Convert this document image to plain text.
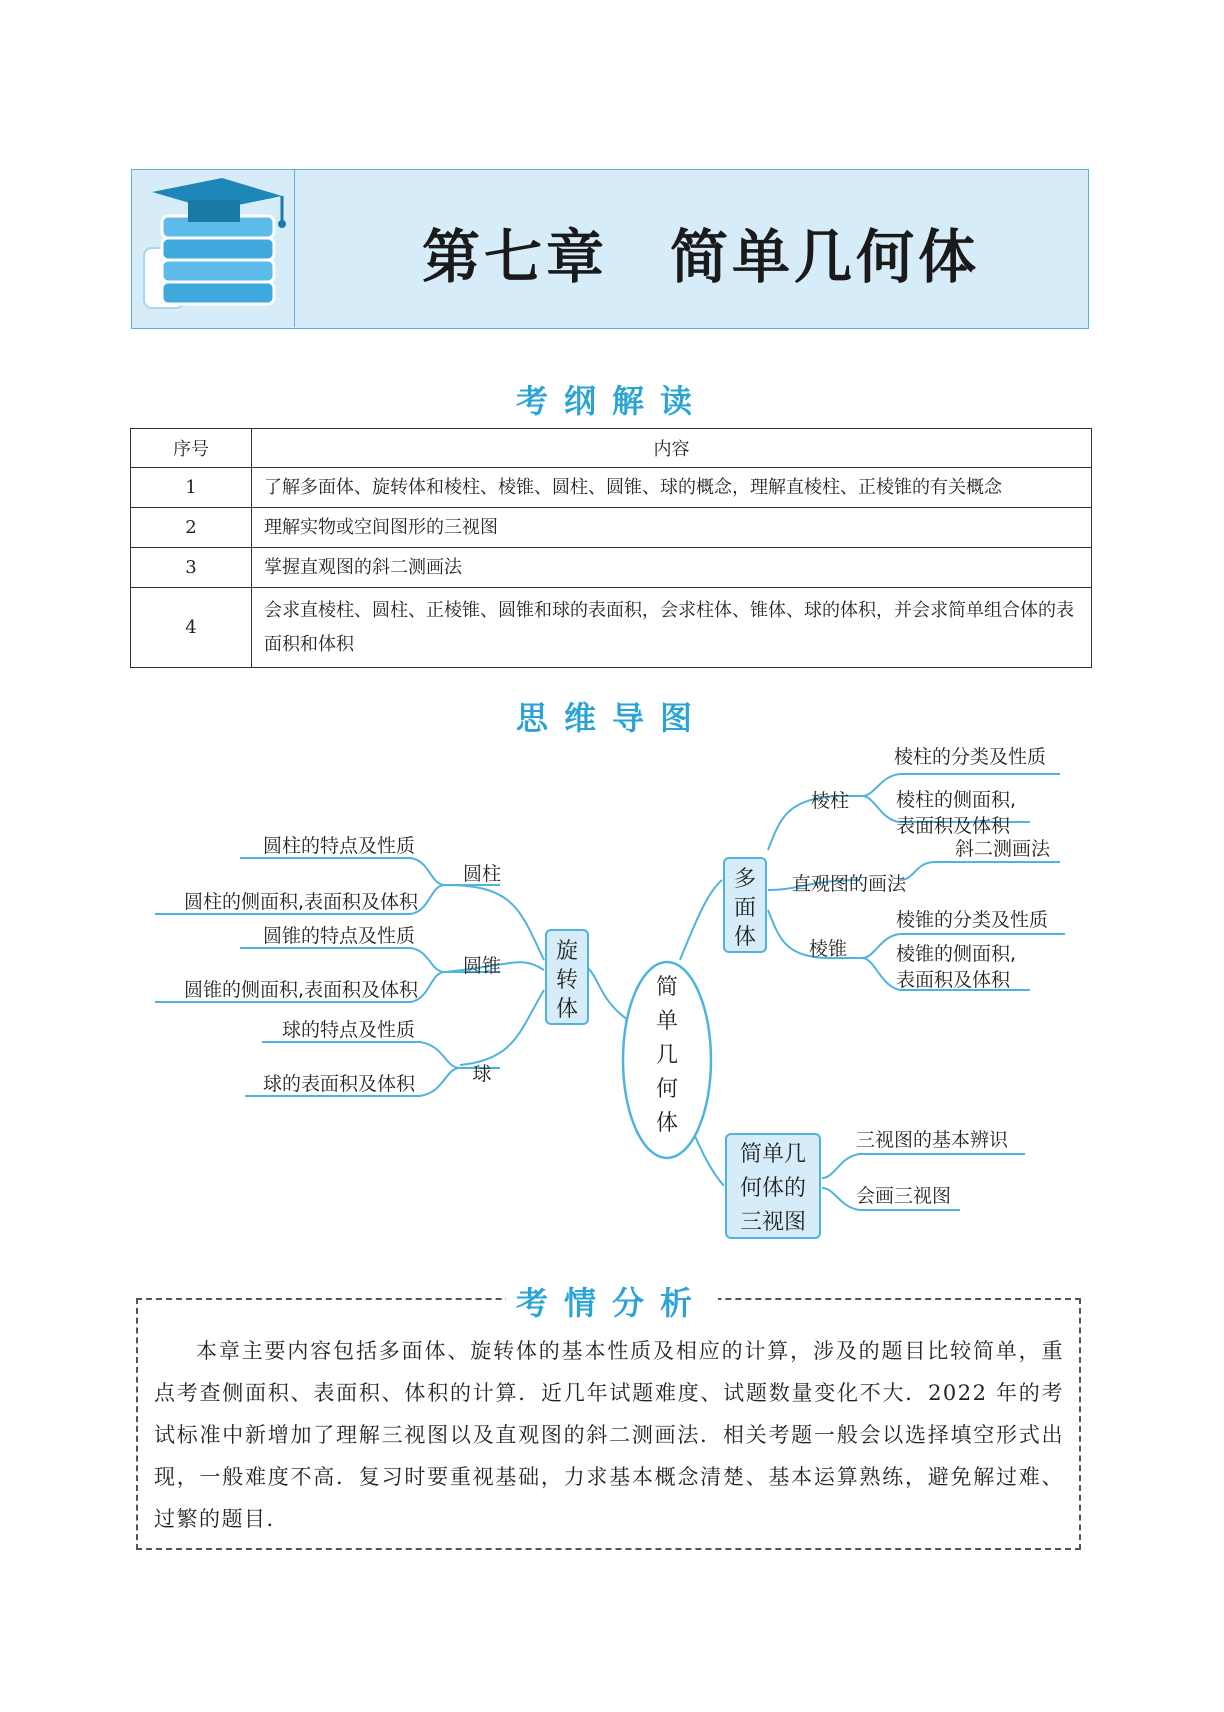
第七章　简单几何体
考纲解读
序号	内容
1	了解多面体、旋转体和棱柱、棱锥、圆柱、圆锥、球的概念，理解直棱柱、正棱锥的有关概念
2	理解实物或空间图形的三视图
3	掌握直观图的斜二测画法
4	会求直棱柱、圆柱、正棱锥、圆锥和球的表面积，会求柱体、锥体、球的体积，并会求简单组合体的表面积和体积
思维导图
简
单
几
何
体
旋
转
体
圆柱
圆柱的特点及性质
圆柱的侧面积,表面积及体积
圆锥
圆锥的特点及性质
圆锥的侧面积,表面积及体积
球
球的特点及性质
球的表面积及体积
多
面
体
棱柱
棱柱的分类及性质
棱柱的侧面积,
表面积及体积
直观图的画法
斜二测画法
棱锥
棱锥的分类及性质
棱锥的侧面积,
表面积及体积
简单几
何体的
三视图
三视图的基本辨识
会画三视图
本章主要内容包括多面体、旋转体的基本性质及相应的计算，涉及的题目比较简单，重点考查侧面积、表面积、体积的计算．近几年试题难度、试题数量变化不大．2022 年的考试标准中新增加了理解三视图以及直观图的斜二测画法．相关考题一般会以选择填空形式出现，一般难度不高．复习时要重视基础，力求基本概念清楚、基本运算熟练，避免解过难、过繁的题目．
考情分析
